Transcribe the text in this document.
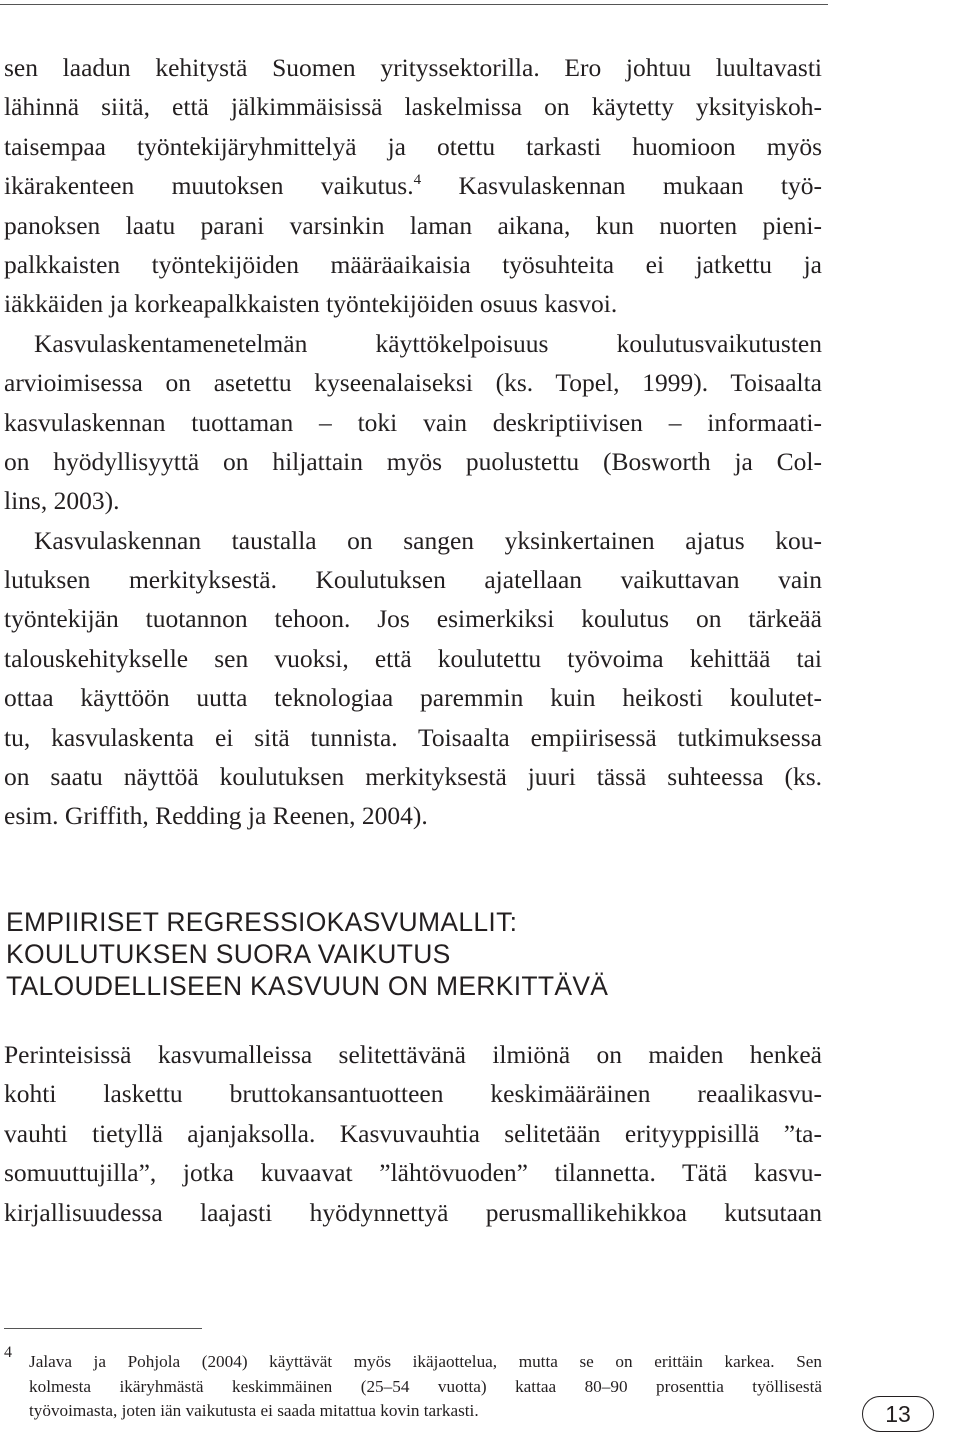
sen laadun kehitystä Suomen yrityssektorilla. Ero johtuu luultavasti
lähinnä siitä, että jälkimmäisissä laskelmissa on käytetty yksityiskoh-
taisempaa työntekijäryhmittelyä ja otettu tarkasti huomioon myös
ikärakenteen muutoksen vaikutus.$^4$ Kasvulaskennan mukaan työ-
panoksen laatu parani varsinkin laman aikana, kun nuorten pieni-
palkkaisten työntekijöiden määräaikaisia työsuhteita ei jatkettu ja
iäkkäiden ja korkeapalkkaisten työntekijöiden osuus kasvoi.
Kasvulaskentamenetelmän käyttökelpoisuus koulutusvaikutusten
arvioimisessa on asetettu kyseenalaiseksi (ks. Topel, 1999). Toisaalta
kasvulaskennan tuottaman – toki vain deskriptiivisen – informaati-
on hyödyllisyyttä on hiljattain myös puolustettu (Bosworth ja Col-
lins, 2003).
Kasvulaskennan taustalla on sangen yksinkertainen ajatus kou-
lutuksen merkityksestä. Koulutuksen ajatellaan vaikuttavan vain
työntekijän tuotannon tehoon. Jos esimerkiksi koulutus on tärkeää
talouskehitykselle sen vuoksi, että koulutettu työvoima kehittää tai
ottaa käyttöön uutta teknologiaa paremmin kuin heikosti koulutet-
tu, kasvulaskenta ei sitä tunnista. Toisaalta empiirisessä tutkimuksessa
on saatu näyttöä koulutuksen merkityksestä juuri tässä suhteessa (ks.
esim. Griffith, Redding ja Reenen, 2004).
EMPIIRISET REGRESSIOKASVUMALLIT:
KOULUTUKSEN SUORA VAIKUTUS
TALOUDELLISEEN KASVUUN ON MERKITTÄVÄ
Perinteisissä kasvumalleissa selitettävänä ilmiönä on maiden henkeä
kohti laskettu bruttokansantuotteen keskimääräinen reaalikasvu-
vauhti tietyllä ajanjaksolla. Kasvuvauhtia selitetään erityyppisillä ”ta-
somuuttujilla”, jotka kuvaavat ”lähtövuoden” tilannetta. Tätä kasvu-
kirjallisuudessa laajasti hyödynnettyä perusmallikehikkoa kutsutaan
4 Jalava ja Pohjola (2004) käyttävät myös ikäjaottelua, mutta se on erittäin karkea. Sen
kolmesta ikäryhmästä keskimmäinen (25–54 vuotta) kattaa 80–90 prosenttia työllisestä
työvoimasta, joten iän vaikutusta ei saada mitattua kovin tarkasti.	13
